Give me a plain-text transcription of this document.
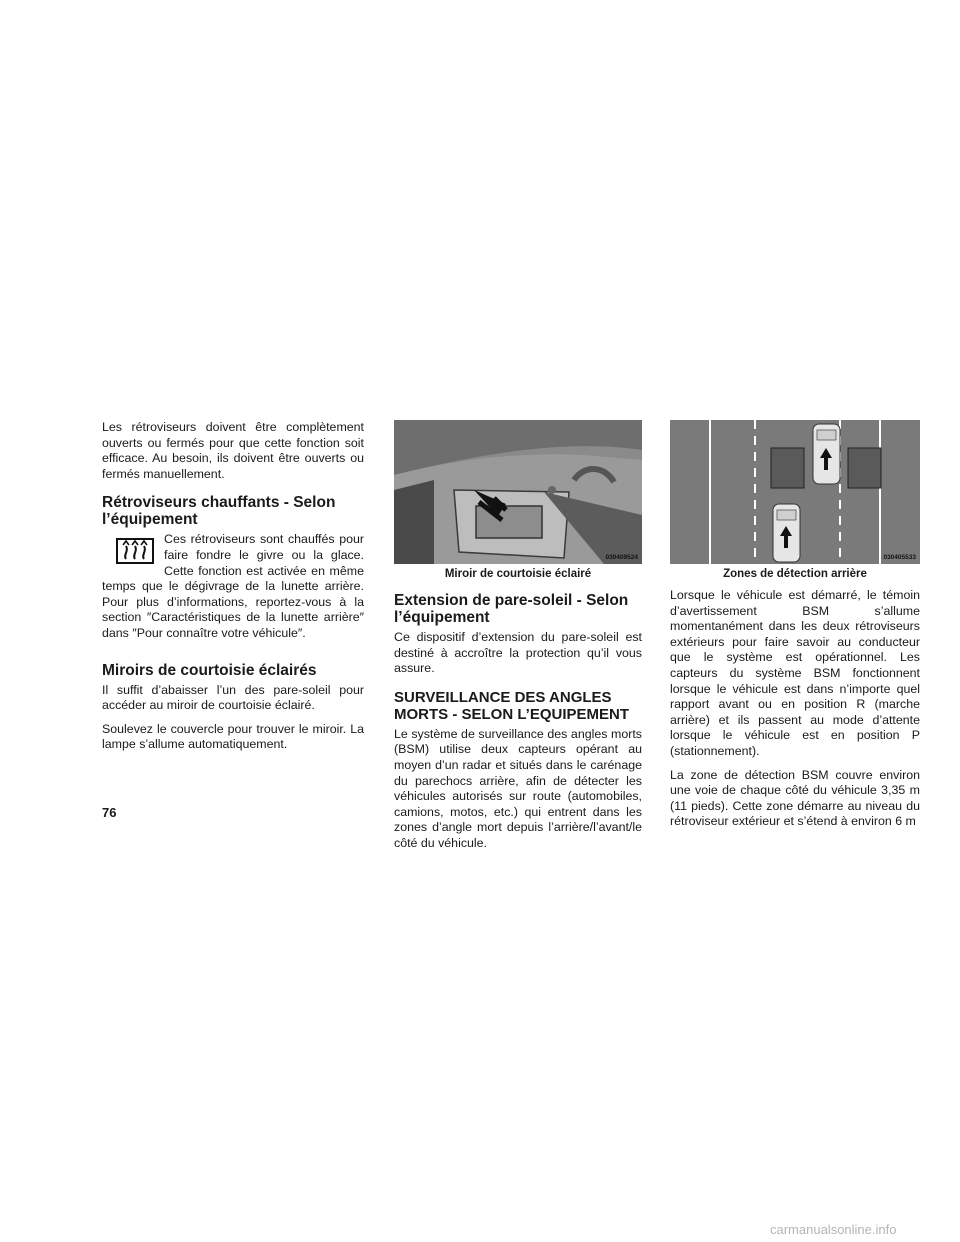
Les rétroviseurs doivent être complètement ouverts ou fermés pour que cette fonction soit efficace. Au besoin, ils doivent être ouverts ou fermés manuellement.

Rétroviseurs chauffants - Selon l’équipement

Ces rétroviseurs sont chauffés pour faire fondre le givre ou la glace. Cette fonction est activée en même temps que le dégivrage de la lunette arrière. Pour plus d’informations, reportez-vous à la section ″Caractéristiques de la lunette arrière″ dans ″Pour connaître votre véhicule″.

Miroirs de courtoisie éclairés

Il suffit d’abaisser l’un des pare-soleil pour accéder au miroir de courtoisie éclairé.

Soulevez le couvercle pour trouver le miroir. La lampe s’allume automatiquement.

030409524
Miroir de courtoisie éclairé
Extension de pare-soleil - Selon l’équipement

Ce dispositif d’extension du pare-soleil est destiné à accroître la protection qu’il vous assure.

SURVEILLANCE DES ANGLES MORTS - SELON L’EQUIPEMENT

Le système de surveillance des angles morts (BSM) utilise deux capteurs opérant au moyen d’un radar et situés dans le carénage du parechocs arrière, afin de détecter les véhicules autorisés sur route (automobiles, camions, motos, etc.) qui entrent dans les zones d’angle mort depuis l’arrière/l’avant/le côté du véhicule.

030405533
Zones de détection arrière

Lorsque le véhicule est démarré, le témoin d’avertissement BSM s’allume momentanément dans les deux rétroviseurs extérieurs pour faire savoir au conducteur que le système est opérationnel. Les capteurs du système BSM fonctionnent lorsque le véhicule est dans n’importe quel rapport avant ou en position R (marche arrière) et ils passent au mode d’attente lorsque le véhicule est en position P (stationnement).

La zone de détection BSM couvre environ une voie de chaque côté du véhicule 3,35 m (11 pieds). Cette zone démarre au niveau du rétroviseur extérieur et s’étend à environ 6 m

76
carmanualsonline.info
